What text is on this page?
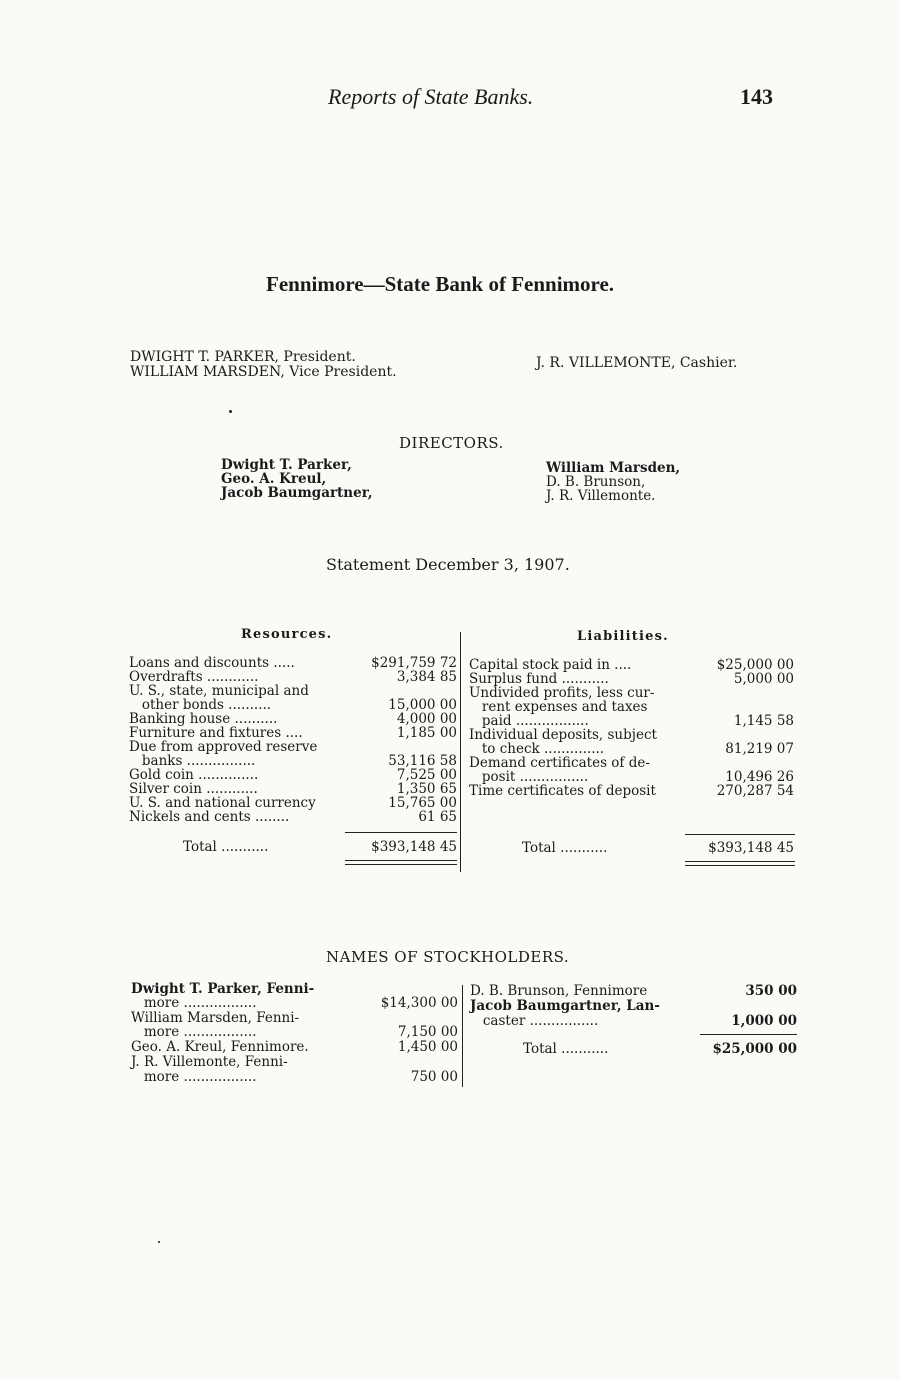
Reports of State Banks.	143
Fennimore—State Bank of Fennimore.
DWIGHT T. PARKER, President.
WILLIAM MARSDEN, Vice President.
J. R. VILLEMONTE, Cashier.
DIRECTORS.
Dwight T. Parker,
Geo. A. Kreul,
Jacob Baumgartner,
William Marsden,
D. B. Brunson,
J. R. Villemonte.
Statement December 3, 1907.
Resources.	Liabilities.
Loans and discounts .....	$291,759 72
Overdrafts ............	3,384 85
U. S., state, municipal and
other bonds ..........	15,000 00
Banking house ..........	4,000 00
Furniture and fixtures ....	1,185 00
Due from approved reserve
banks ................	53,116 58
Gold coin ..............	7,525 00
Silver coin ............	1,350 65
U. S. and national currency	15,765 00
Nickels and cents ........	61 65
Total ...........	$393,148 45
Capital stock paid in ....	$25,000 00
Surplus fund ...........	5,000 00
Undivided profits, less cur-
rent expenses and taxes
paid .................	1,145 58
Individual deposits, subject
to check ..............	81,219 07
Demand certificates of de-
posit ................	10,496 26
Time certificates of deposit	270,287 54
Total ...........	$393,148 45
NAMES OF STOCKHOLDERS.
Dwight T. Parker, Fenni-
more .................	$14,300 00
William Marsden, Fenni-
more .................	7,150 00
Geo. A. Kreul, Fennimore.	1,450 00
J. R. Villemonte, Fenni-
more .................	750 00
D. B. Brunson, Fennimore	350 00
Jacob Baumgartner, Lan-
caster ................	1,000 00
Total ...........	$25,000 00
